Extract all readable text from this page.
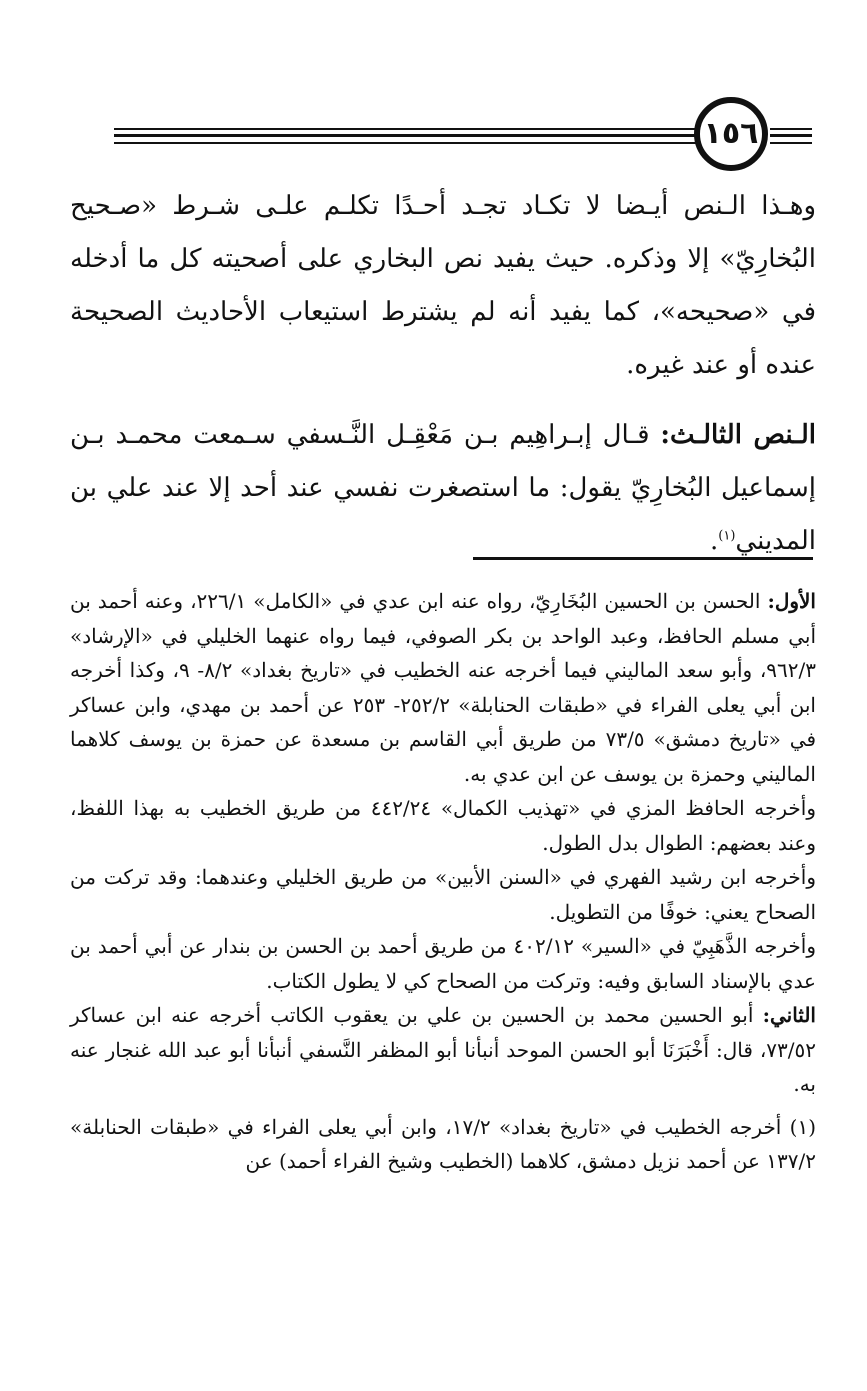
١٥٦

وهـذا الـنص أيـضا لا تكـاد تجـد أحـدًا تكلـم علـى شـرط «صـحيح البُخارِيّ» إلا وذكره. حيث يفيد نص البخاري على أصحيته كل ما أدخله في «صحيحه»، كما يفيد أنه لم يشترط استيعاب الأحاديث الصحيحة عنده أو عند غيره.

الـنص الثالـث: قـال إبـراهِيم بـن مَعْقِـل النَّـسفي سـمعت محمـد بـن إسماعيل البُخارِيّ يقول: ما استصغرت نفسي عند أحد إلا عند علي بن المديني$^{(١)}$.

الأول: الحسن بن الحسين البُخَارِيّ، رواه عنه ابن عدي في «الكامل» ٢٢٦/١، وعنه أحمد بن أبي مسلم الحافظ، وعبد الواحد بن بكر الصوفي، فيما رواه عنهما الخليلي في «الإرشاد» ٩٦٢/٣، وأبو سعد الماليني فيما أخرجه عنه الخطيب في «تاريخ بغداد» ٨/٢- ٩، وكذا أخرجه ابن أبي يعلى الفراء في «طبقات الحنابلة» ٢٥٢/٢- ٢٥٣ عن أحمد بن مهدي، وابن عساكر في «تاريخ دمشق» ٧٣/٥ من طريق أبي القاسم بن مسعدة عن حمزة بن يوسف كلاهما الماليني وحمزة بن يوسف عن ابن عدي به.

وأخرجه الحافظ المزي في «تهذيب الكمال» ٤٤٢/٢٤ من طريق الخطيب به بهذا اللفظ، وعند بعضهم: الطوال بدل الطول.

وأخرجه ابن رشيد الفهري في «السنن الأبين» من طريق الخليلي وعندهما: وقد تركت من الصحاح يعني: خوفًا من التطويل.

وأخرجه الذَّهَبِيّ في «السير» ٤٠٢/١٢ من طريق أحمد بن الحسن بن بندار عن أبي أحمد بن عدي بالإسناد السابق وفيه: وتركت من الصحاح كي لا يطول الكتاب.

الثاني: أبو الحسين محمد بن الحسين بن علي بن يعقوب الكاتب أخرجه عنه ابن عساكر ٧٣/٥٢، قال: أَخْبَرَنَا أبو الحسن الموحد أنبأنا أبو المظفر النَّسفي أنبأنا أبو عبد الله غنجار عنه به.

(١) أخرجه الخطيب في «تاريخ بغداد» ١٧/٢، وابن أبي يعلى الفراء في «طبقات الحنابلة» ١٣٧/٢ عن أحمد نزيل دمشق، كلاهما (الخطيب وشيخ الفراء أحمد) عن
